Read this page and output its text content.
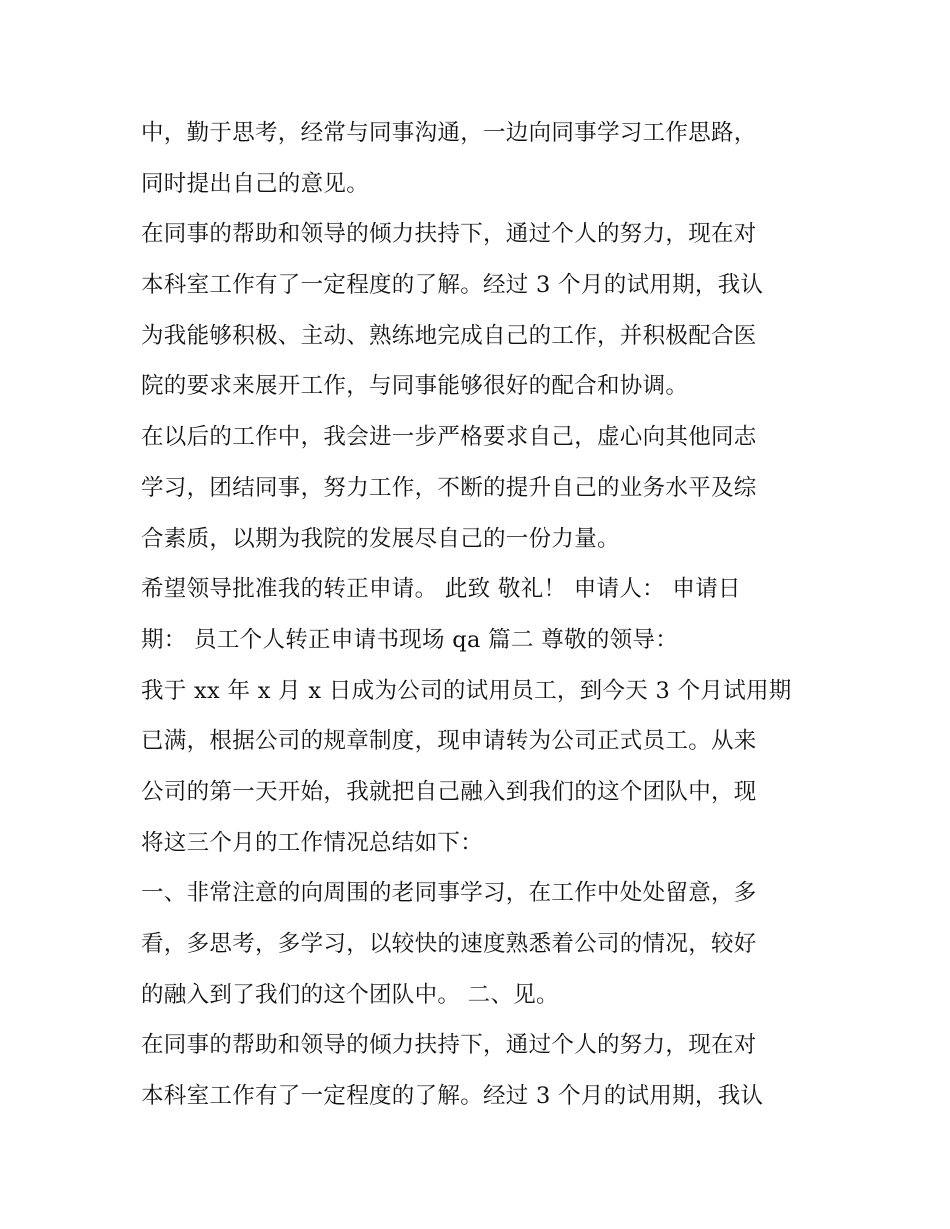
中，勤于思考，经常与同事沟通，一边向同事学习工作思路，
同时提出自己的意见。
在同事的帮助和领导的倾力扶持下，通过个人的努力，现在对
本科室工作有了一定程度的了解。经过 3 个月的试用期，我认
为我能够积极、主动、熟练地完成自己的工作，并积极配合医
院的要求来展开工作，与同事能够很好的配合和协调。
在以后的工作中，我会进一步严格要求自己，虚心向其他同志
学习，团结同事，努力工作，不断的提升自己的业务水平及综
合素质，以期为我院的发展尽自己的一份力量。
希望领导批准我的转正申请。 此致 敬礼！ 申请人： 申请日
期： 员工个人转正申请书现场 qa 篇二 尊敬的领导：
我于 xx 年 x 月 x 日成为公司的试用员工，到今天 3 个月试用期
已满，根据公司的规章制度，现申请转为公司正式员工。从来
公司的第一天开始，我就把自己融入到我们的这个团队中，现
将这三个月的工作情况总结如下：
一、非常注意的向周围的老同事学习，在工作中处处留意，多
看，多思考，多学习，以较快的速度熟悉着公司的情况，较好
的融入到了我们的这个团队中。 二、见。
在同事的帮助和领导的倾力扶持下，通过个人的努力，现在对
本科室工作有了一定程度的了解。经过 3 个月的试用期，我认
